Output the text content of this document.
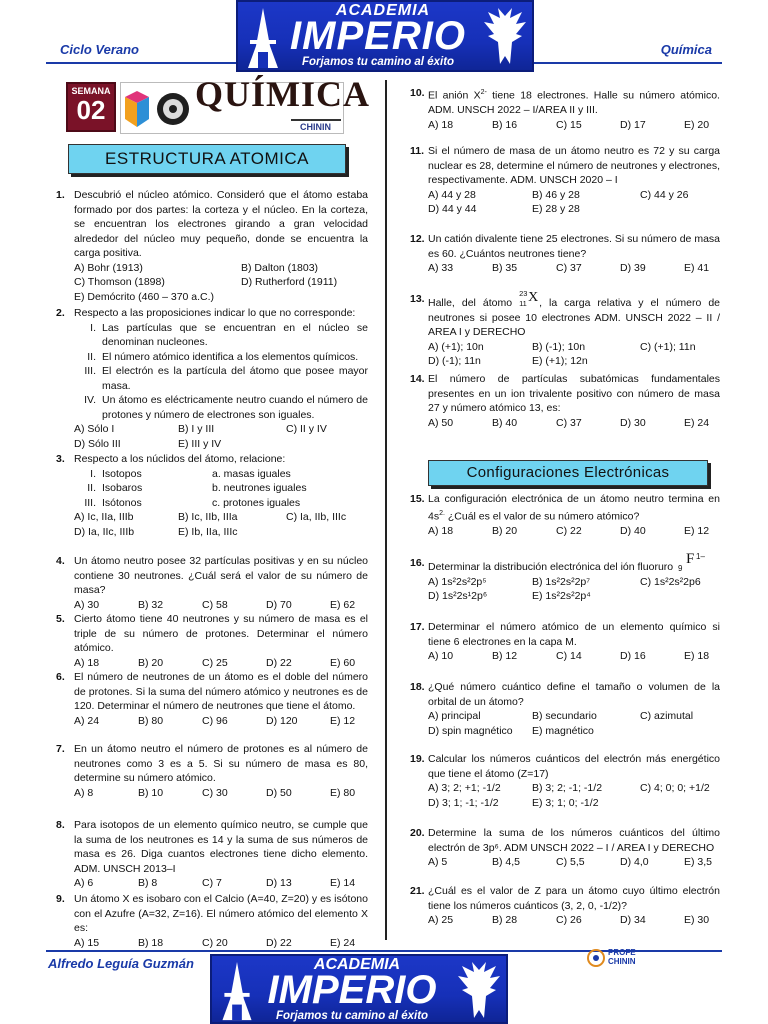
Ciclo Verano	Química
ACADEMIA
IMPERIO
Forjamos tu camino al éxito
SEMANA
02 QUÍMICA
CHININ
ESTRUCTURA ATOMICA
1. Descubrió el núcleo atómico. Consideró que el átomo estaba formado por dos partes: la corteza y el núcleo. En la corteza, se encuentran los electrones girando a gran velocidad alrededor del núcleo muy pequeño, donde se encuentra la carga positiva.
A) Bohr (1913)	B) Dalton (1803)
C) Thomson (1898)	D) Rutherford (1911)
E) Demócrito (460 – 370 a.C.)
2. Respecto a las proposiciones indicar lo que no corresponde:
I. Las partículas que se encuentran en el núcleo se denominan nucleones.
II. El número atómico identifica a los elementos químicos.
III. El electrón es la partícula del átomo que posee mayor masa.
IV. Un átomo es eléctricamente neutro cuando el número de protones y número de electrones son iguales.
A) Sólo I	B) I y III	C) II y IV
D) Sólo III	E) III y IV
3. Respecto a los núclidos del átomo, relacione:
I. Isotopos	a. masas iguales
II. Isobaros	b. neutrones iguales
III. Isótonos	c. protones iguales
A) Ic, IIa, IIIb	B) Ic, IIb, IIIa	C) Ia, IIb, IIIc
D) Ia, IIc, IIIb	E) Ib, IIa, IIIc
4. Un átomo neutro posee 32 partículas positivas y en su núcleo contiene 30 neutrones. ¿Cuál será el valor de su número de masa?
A) 30	B) 32	C) 58	D) 70	E) 62
5. Cierto átomo tiene 40 neutrones y su número de masa es el triple de su número de protones. Determinar el número atómico.
A) 18	B) 20	C) 25	D) 22	E) 60
6. El número de neutrones de un átomo es el doble del número de protones. Si la suma del número atómico y neutrones es de 120. Determinar el número de neutrones que tiene el átomo.
A) 24	B) 80	C) 96	D) 120	E) 12
7. En un átomo neutro el número de protones es al número de neutrones como 3 es a 5. Si su número de masa es 80, determine su número atómico.
A) 8	B) 10	C) 30	D) 50	E) 80
8. Para isotopos de un elemento químico neutro, se cumple que la suma de los neutrones es 14 y la suma de sus números de masa es 26. Diga cuantos electrones tiene dicho elemento. ADM. UNSCH 2013–I
A) 6	B) 8	C) 7	D) 13	E) 14
9. Un átomo X es isobaro con el Calcio (A=40, Z=20) y es isótono con el Azufre (A=32, Z=16). El número atómico del elemento X es:
A) 15	B) 18	C) 20	D) 22	E) 24
10. El anión $X^{2-}$ tiene 18 electrones. Halle su número atómico. ADM. UNSCH 2022 – I/AREA II y III.
A) 18	B) 16	C) 15	D) 17	E) 20
11. Si el número de masa de un átomo neutro es 72 y su carga nuclear es 28, determine el número de neutrones y electrones, respectivamente. ADM. UNSCH 2020 – I
A) 44 y 28	B) 46 y 28	C) 44 y 26
D) 44 y 44	E) 28 y 28
12. Un catión divalente tiene 25 electrones. Si su número de masa es 60. ¿Cuántos neutrones tiene?
A) 33	B) 35	C) 37	D) 39	E) 41
13. Halle, del átomo
23
11 X , la carga relativa y el número de neutrones si posee 10 electrones ADM. UNSCH 2022 – II / AREA I y DERECHO
A) (+1); 10n	B) (-1); 10n	C) (+1); 11n
D) (-1); 11n	E) (+1); 12n
14. El número de partículas subatómicas fundamentales presentes en un ion trivalente positivo con número de masa 27 y número atómico 13, es:
A) 50	B) 40	C) 37	D) 30	E) 24
Configuraciones Electrónicas
15. La configuración electrónica de un átomo neutro termina en $4s^{2.}$ ¿Cuál es el valor de su número atómico?
A) 18	B) 20	C) 22	D) 40	E) 12
16. Determinar la distribución electrónica del ión fluoruro 9
F 1–
A) 1s²2s²2p⁵	B) 1s²2s²2p⁷	C) 1s²2s²2p6
D) 1s²2s¹2p⁶	E) 1s²2s²2p⁴
17. Determinar el número atómico de un elemento químico si tiene 6 electrones en la capa M.
A) 10	B) 12	C) 14	D) 16	E) 18
18. ¿Qué número cuántico define el tamaño o volumen de la orbital de un átomo?
A) principal	B) secundario	C) azimutal
D) spin magnético	E) magnético
19. Calcular los números cuánticos del electrón más energético que tiene el átomo (Z=17)
A) 3; 2; +1; -1/2	B) 3; 2; -1; -1/2	C) 4; 0; 0; +1/2
D) 3; 1; -1; -1/2	E) 3; 1; 0; -1/2
20. Determine la suma de los números cuánticos del último electrón de 3p⁶. ADM UNSCH 2022 – I / AREA I y DERECHO
A) 5	B) 4,5	C) 5,5	D) 4,0	E) 3,5
21. ¿Cuál es el valor de Z para un átomo cuyo último electrón tiene los números cuánticos (3, 2, 0, -1/2)?
A) 25	B) 28	C) 26	D) 34	E) 30
Alfredo Leguía Guzmán
PROFE
CHININ
ACADEMIA
IMPERIO
Forjamos tu camino al éxito
